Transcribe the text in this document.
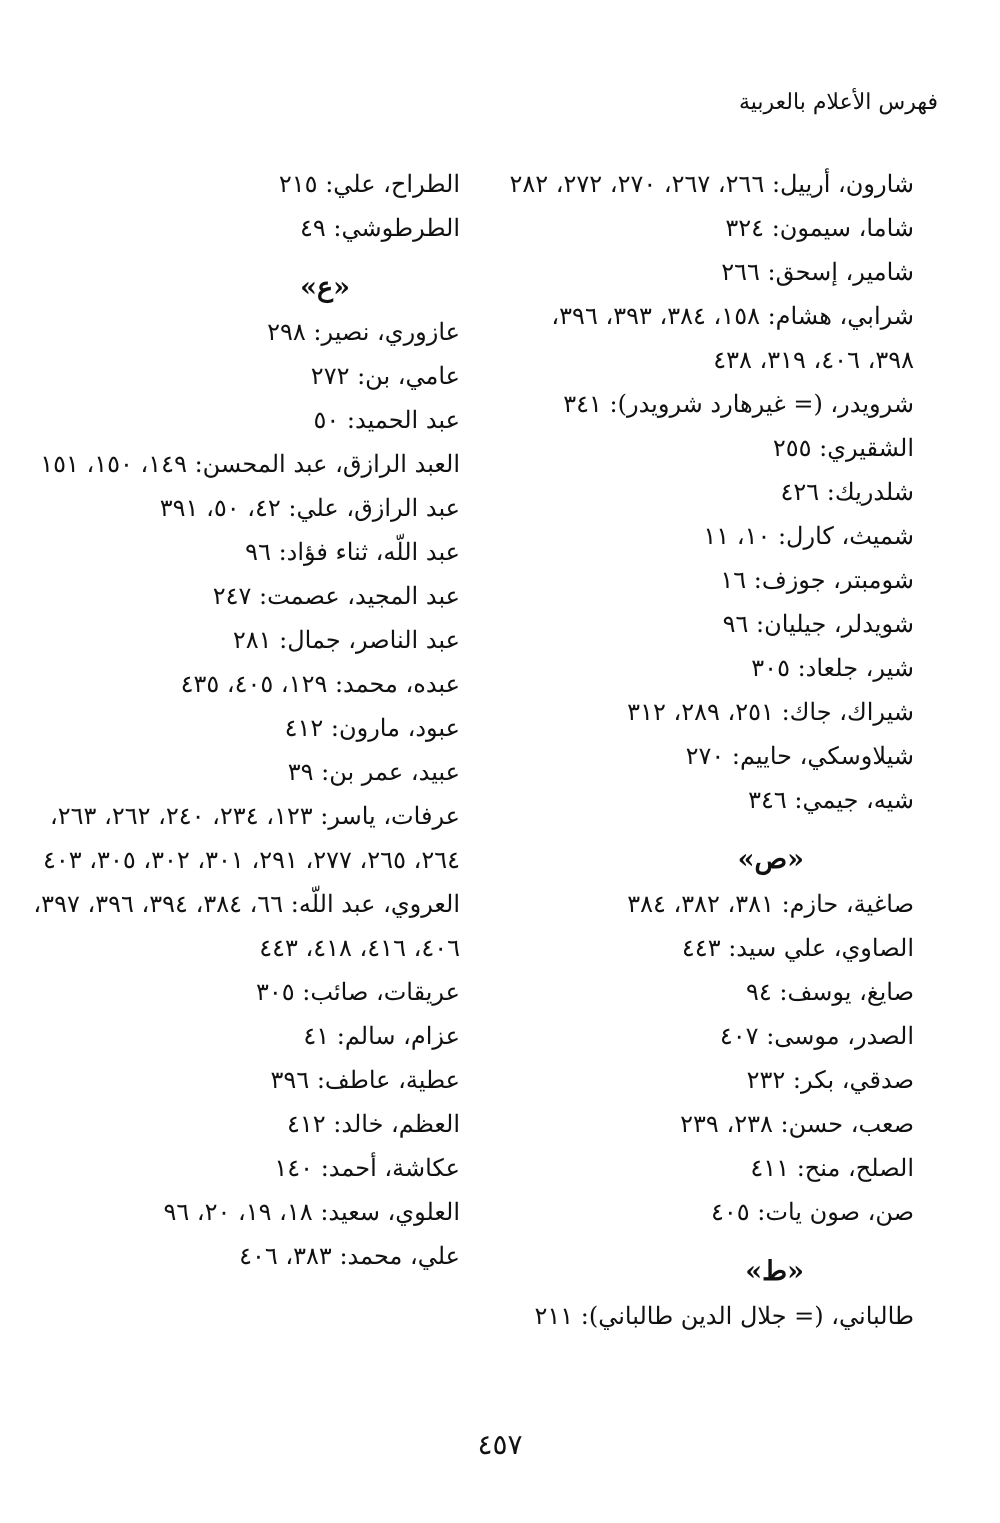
فهرس الأعلام بالعربية
شارون، أرييل: ٢٦٦، ٢٦٧، ٢٧٠، ٢٧٢، ٢٨٢
شاما، سيمون: ٣٢٤
شامير، إسحق: ٢٦٦
شرابي، هشام: ١٥٨، ٣٨٤، ٣٩٣، ٣٩٦، ٣٩٨، ٤٠٦، ٣١٩، ٤٣٨
شرويدر، (= غيرهارد شرويدر): ٣٤١
الشقيري: ٢٥٥
شلدريك: ٤٢٦
شميث، كارل: ١٠، ١١
شومبتر، جوزف: ١٦
شويدلر، جيليان: ٩٦
شير، جلعاد: ٣٠٥
شيراك، جاك: ٢٥١، ٢٨٩، ٣١٢
شيلاوسكي، حاييم: ٢٧٠
شيه، جيمي: ٣٤٦
«ص»
صاغية، حازم: ٣٨١، ٣٨٢، ٣٨٤
الصاوي، علي سيد: ٤٤٣
صايغ، يوسف: ٩٤
الصدر، موسى: ٤٠٧
صدقي، بكر: ٢٣٢
صعب، حسن: ٢٣٨، ٢٣٩
الصلح، منح: ٤١١
صن، صون يات: ٤٠٥
«ط»
طالباني، (= جلال الدين طالباني): ٢١١
الطراح، علي: ٢١٥
الطرطوشي: ٤٩
«ع»
عازوري، نصير: ٢٩٨
عامي، بن: ٢٧٢
عبد الحميد: ٥٠
العبد الرازق، عبد المحسن: ١٤٩، ١٥٠، ١٥١
عبد الرازق، علي: ٤٢، ٥٠، ٣٩١
عبد اللّه، ثناء فؤاد: ٩٦
عبد المجيد، عصمت: ٢٤٧
عبد الناصر، جمال: ٢٨١
عبده، محمد: ١٢٩، ٤٠٥، ٤٣٥
عبود، مارون: ٤١٢
عبيد، عمر بن: ٣٩
عرفات، ياسر: ١٢٣، ٢٣٤، ٢٤٠، ٢٦٢، ٢٦٣، ٢٦٤، ٢٦٥، ٢٧٧، ٢٩١، ٣٠١، ٣٠٢، ٣٠٥، ٤٠٣
العروي، عبد اللّه: ٦٦، ٣٨٤، ٣٩٤، ٣٩٦، ٣٩٧، ٤٠٦، ٤١٦، ٤١٨، ٤٤٣
عريقات، صائب: ٣٠٥
عزام، سالم: ٤١
عطية، عاطف: ٣٩٦
العظم، خالد: ٤١٢
عكاشة، أحمد: ١٤٠
العلوي، سعيد: ١٨، ١٩، ٢٠، ٩٦
علي، محمد: ٣٨٣، ٤٠٦
٤٥٧
